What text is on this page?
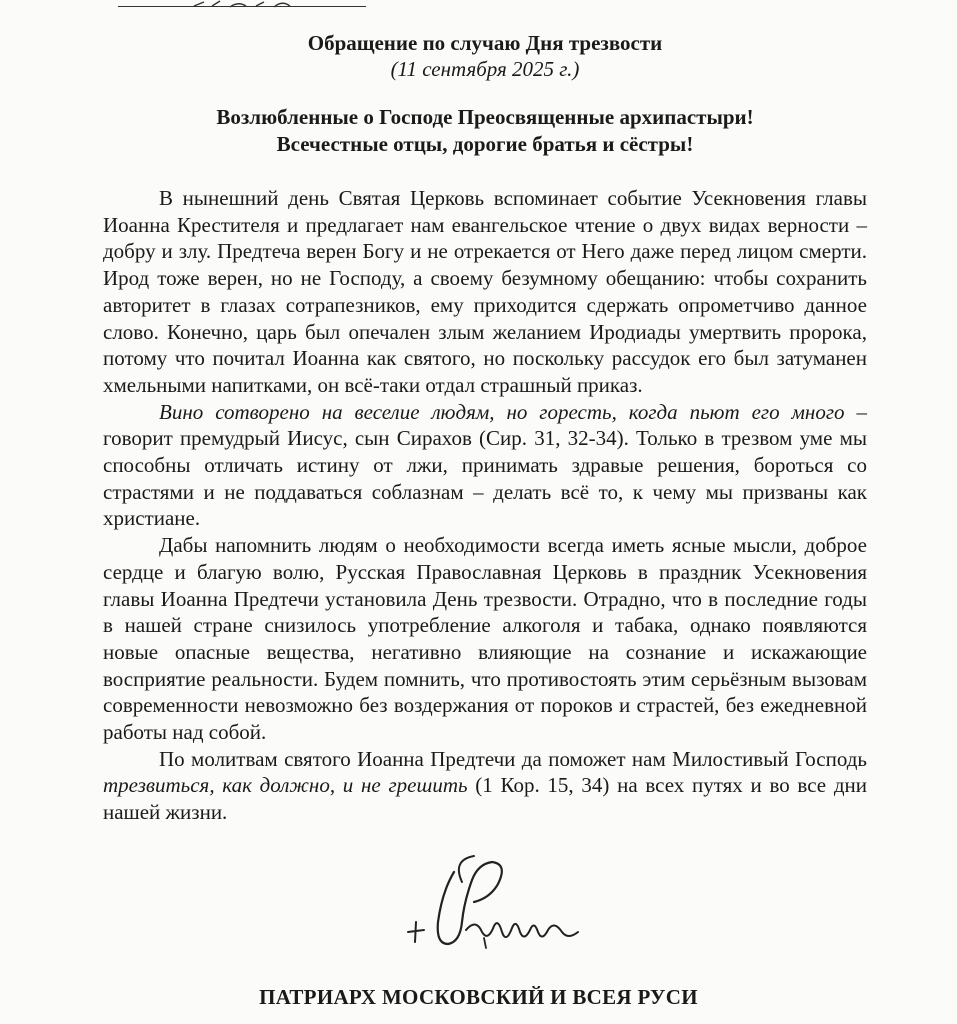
Обращение по случаю Дня трезвости
(11 сентября 2025 г.)
Возлюбленные о Господе Преосвященные архипастыри!
Всечестные отцы, дорогие братья и сёстры!

В нынешний день Святая Церковь вспоминает событие Усекновения главы Иоанна Крестителя и предлагает нам евангельское чтение о двух видах верности – добру и злу. Предтеча верен Богу и не отрекается от Него даже перед лицом смерти. Ирод тоже верен, но не Господу, а своему безумному обещанию: чтобы сохранить авторитет в глазах сотрапезников, ему приходится сдержать опрометчиво данное слово. Конечно, царь был опечален злым желанием Иродиады умертвить пророка, потому что почитал Иоанна как святого, но поскольку рассудок его был затуманен хмельными напитками, он всё-таки отдал страшный приказ.

Вино сотворено на веселие людям, но горесть, когда пьют его много – говорит премудрый Иисус, сын Сирахов (Сир. 31, 32-34). Только в трезвом уме мы способны отличать истину от лжи, принимать здравые решения, бороться со страстями и не поддаваться соблазнам – делать всё то, к чему мы призваны как христиане.

Дабы напомнить людям о необходимости всегда иметь ясные мысли, доброе сердце и благую волю, Русская Православная Церковь в праздник Усекновения главы Иоанна Предтечи установила День трезвости. Отрадно, что в последние годы в нашей стране снизилось употребление алкоголя и табака, однако появляются новые опасные вещества, негативно влияющие на сознание и искажающие восприятие реальности. Будем помнить, что противостоять этим серьёзным вызовам современности невозможно без воздержания от пороков и страстей, без ежедневной работы над собой.

По молитвам святого Иоанна Предтечи да поможет нам Милостивый Господь трезвиться, как должно, и не грешить (1 Кор. 15, 34) на всех путях и во все дни нашей жизни.

ПАТРИАРХ МОСКОВСКИЙ И ВСЕЯ РУСИ
